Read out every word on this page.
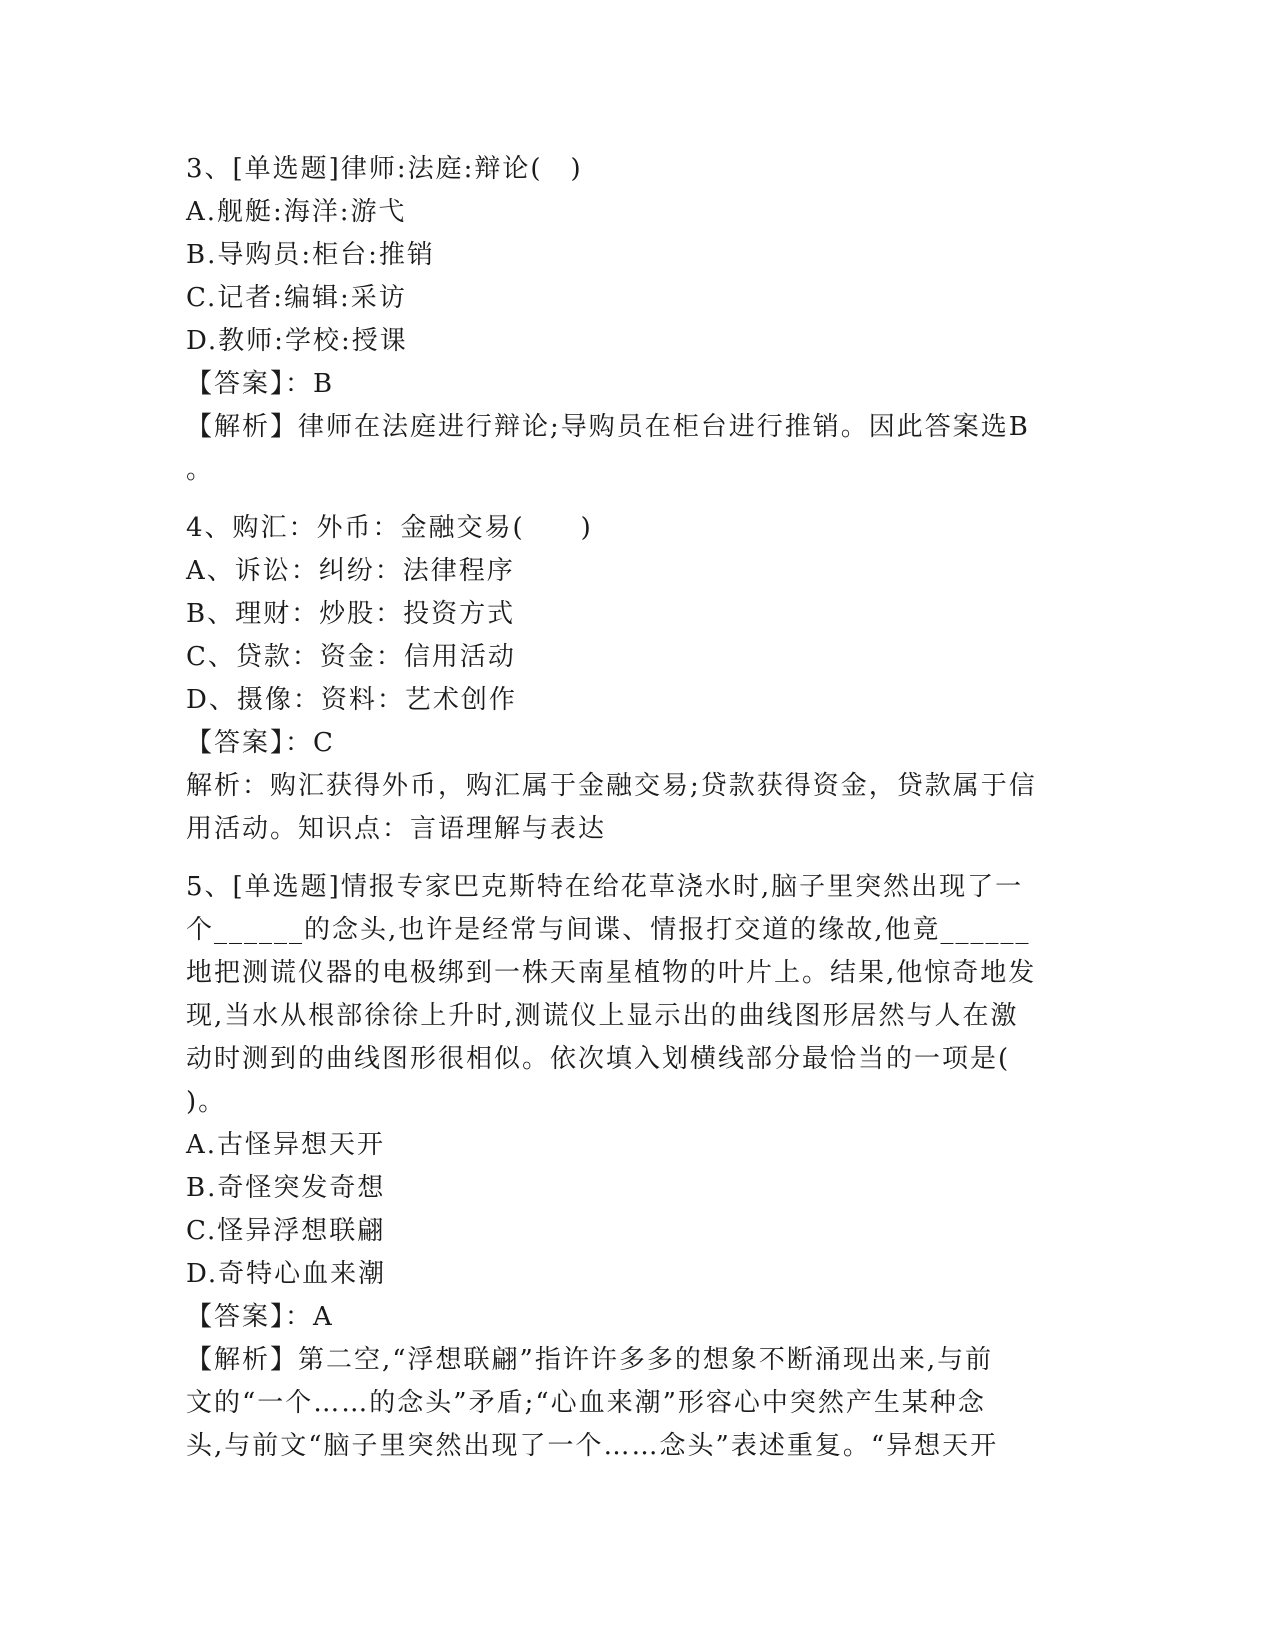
3、[单选题]律师:法庭:辩论(　)
A.舰艇:海洋:游弋
B.导购员:柜台:推销
C.记者:编辑:采访
D.教师:学校:授课
【答案】：B
【解析】律师在法庭进行辩论;导购员在柜台进行推销。因此答案选B
。
4、购汇：外币：金融交易(　　)
A、诉讼：纠纷：法律程序
B、理财：炒股：投资方式
C、贷款：资金：信用活动
D、摄像：资料：艺术创作
【答案】：C
解析：购汇获得外币，购汇属于金融交易;贷款获得资金，贷款属于信
用活动。知识点：言语理解与表达
5、[单选题]情报专家巴克斯特在给花草浇水时,脑子里突然出现了一
个______的念头,也许是经常与间谍、情报打交道的缘故,他竟______
地把测谎仪器的电极绑到一株天南星植物的叶片上。结果,他惊奇地发
现,当水从根部徐徐上升时,测谎仪上显示出的曲线图形居然与人在激
动时测到的曲线图形很相似。依次填入划横线部分最恰当的一项是(
)。
A.古怪异想天开
B.奇怪突发奇想
C.怪异浮想联翩
D.奇特心血来潮
【答案】：A
【解析】第二空,“浮想联翩”指许许多多的想象不断涌现出来,与前
文的“一个……的念头”矛盾;“心血来潮”形容心中突然产生某种念
头,与前文“脑子里突然出现了一个……念头”表述重复。“异想天开
